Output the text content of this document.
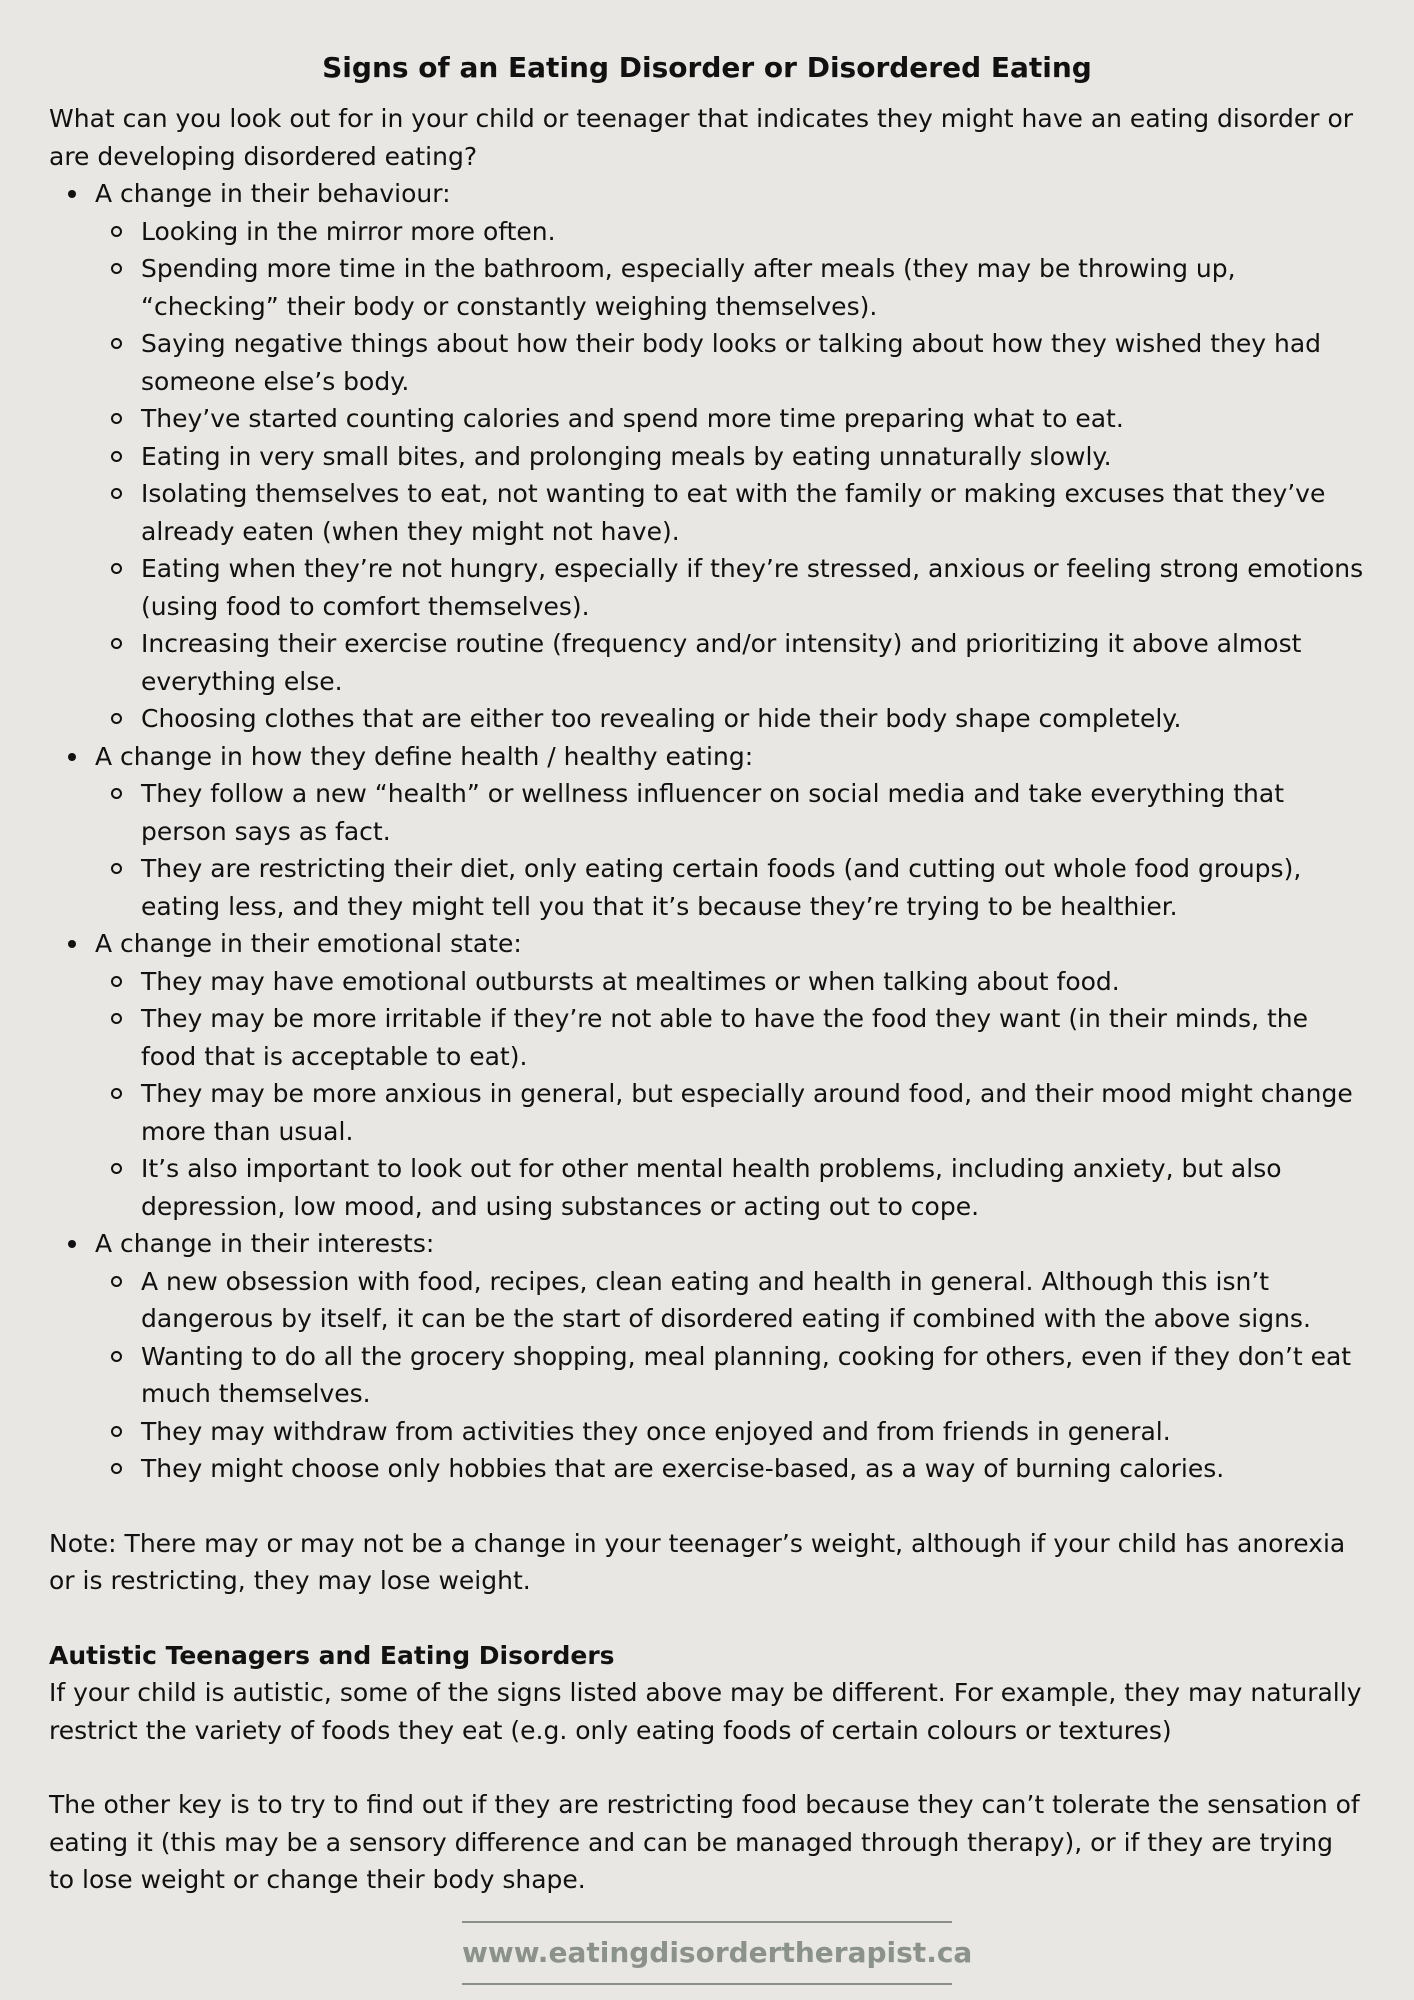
Signs of an Eating Disorder or Disordered Eating

What can you look out for in your child or teenager that indicates they might have an eating disorder or are developing disordered eating?

A change in their behaviour:
Looking in the mirror more often.
Spending more time in the bathroom, especially after meals (they may be throwing up, “checking” their body or constantly weighing themselves).
Saying negative things about how their body looks or talking about how they wished they had someone else’s body.
They’ve started counting calories and spend more time preparing what to eat.
Eating in very small bites, and prolonging meals by eating unnaturally slowly.
Isolating themselves to eat, not wanting to eat with the family or making excuses that they’ve already eaten (when they might not have).
Eating when they’re not hungry, especially if they’re stressed, anxious or feeling strong emotions (using food to comfort themselves).
Increasing their exercise routine (frequency and/or intensity) and prioritizing it above almost everything else.
Choosing clothes that are either too revealing or hide their body shape completely.
A change in how they define health / healthy eating:
They follow a new “health” or wellness influencer on social media and take everything that person says as fact.
They are restricting their diet, only eating certain foods (and cutting out whole food groups), eating less, and they might tell you that it’s because they’re trying to be healthier.
A change in their emotional state:
They may have emotional outbursts at mealtimes or when talking about food.
They may be more irritable if they’re not able to have the food they want (in their minds, the food that is acceptable to eat).
They may be more anxious in general, but especially around food, and their mood might change more than usual.
It’s also important to look out for other mental health problems, including anxiety, but also depression, low mood, and using substances or acting out to cope.
A change in their interests:
A new obsession with food, recipes, clean eating and health in general. Although this isn’t dangerous by itself, it can be the start of disordered eating if combined with the above signs.
Wanting to do all the grocery shopping, meal planning, cooking for others, even if they don’t eat much themselves.
They may withdraw from activities they once enjoyed and from friends in general.
They might choose only hobbies that are exercise-based, as a way of burning calories.

Note: There may or may not be a change in your teenager’s weight, although if your child has anorexia or is restricting, they may lose weight.

Autistic Teenagers and Eating Disorders

If your child is autistic, some of the signs listed above may be different. For example, they may naturally restrict the variety of foods they eat (e.g. only eating foods of certain colours or textures)

The other key is to try to find out if they are restricting food because they can’t tolerate the sensation of eating it (this may be a sensory difference and can be managed through therapy), or if they are trying to lose weight or change their body shape.

www.eatingdisordertherapist.ca
